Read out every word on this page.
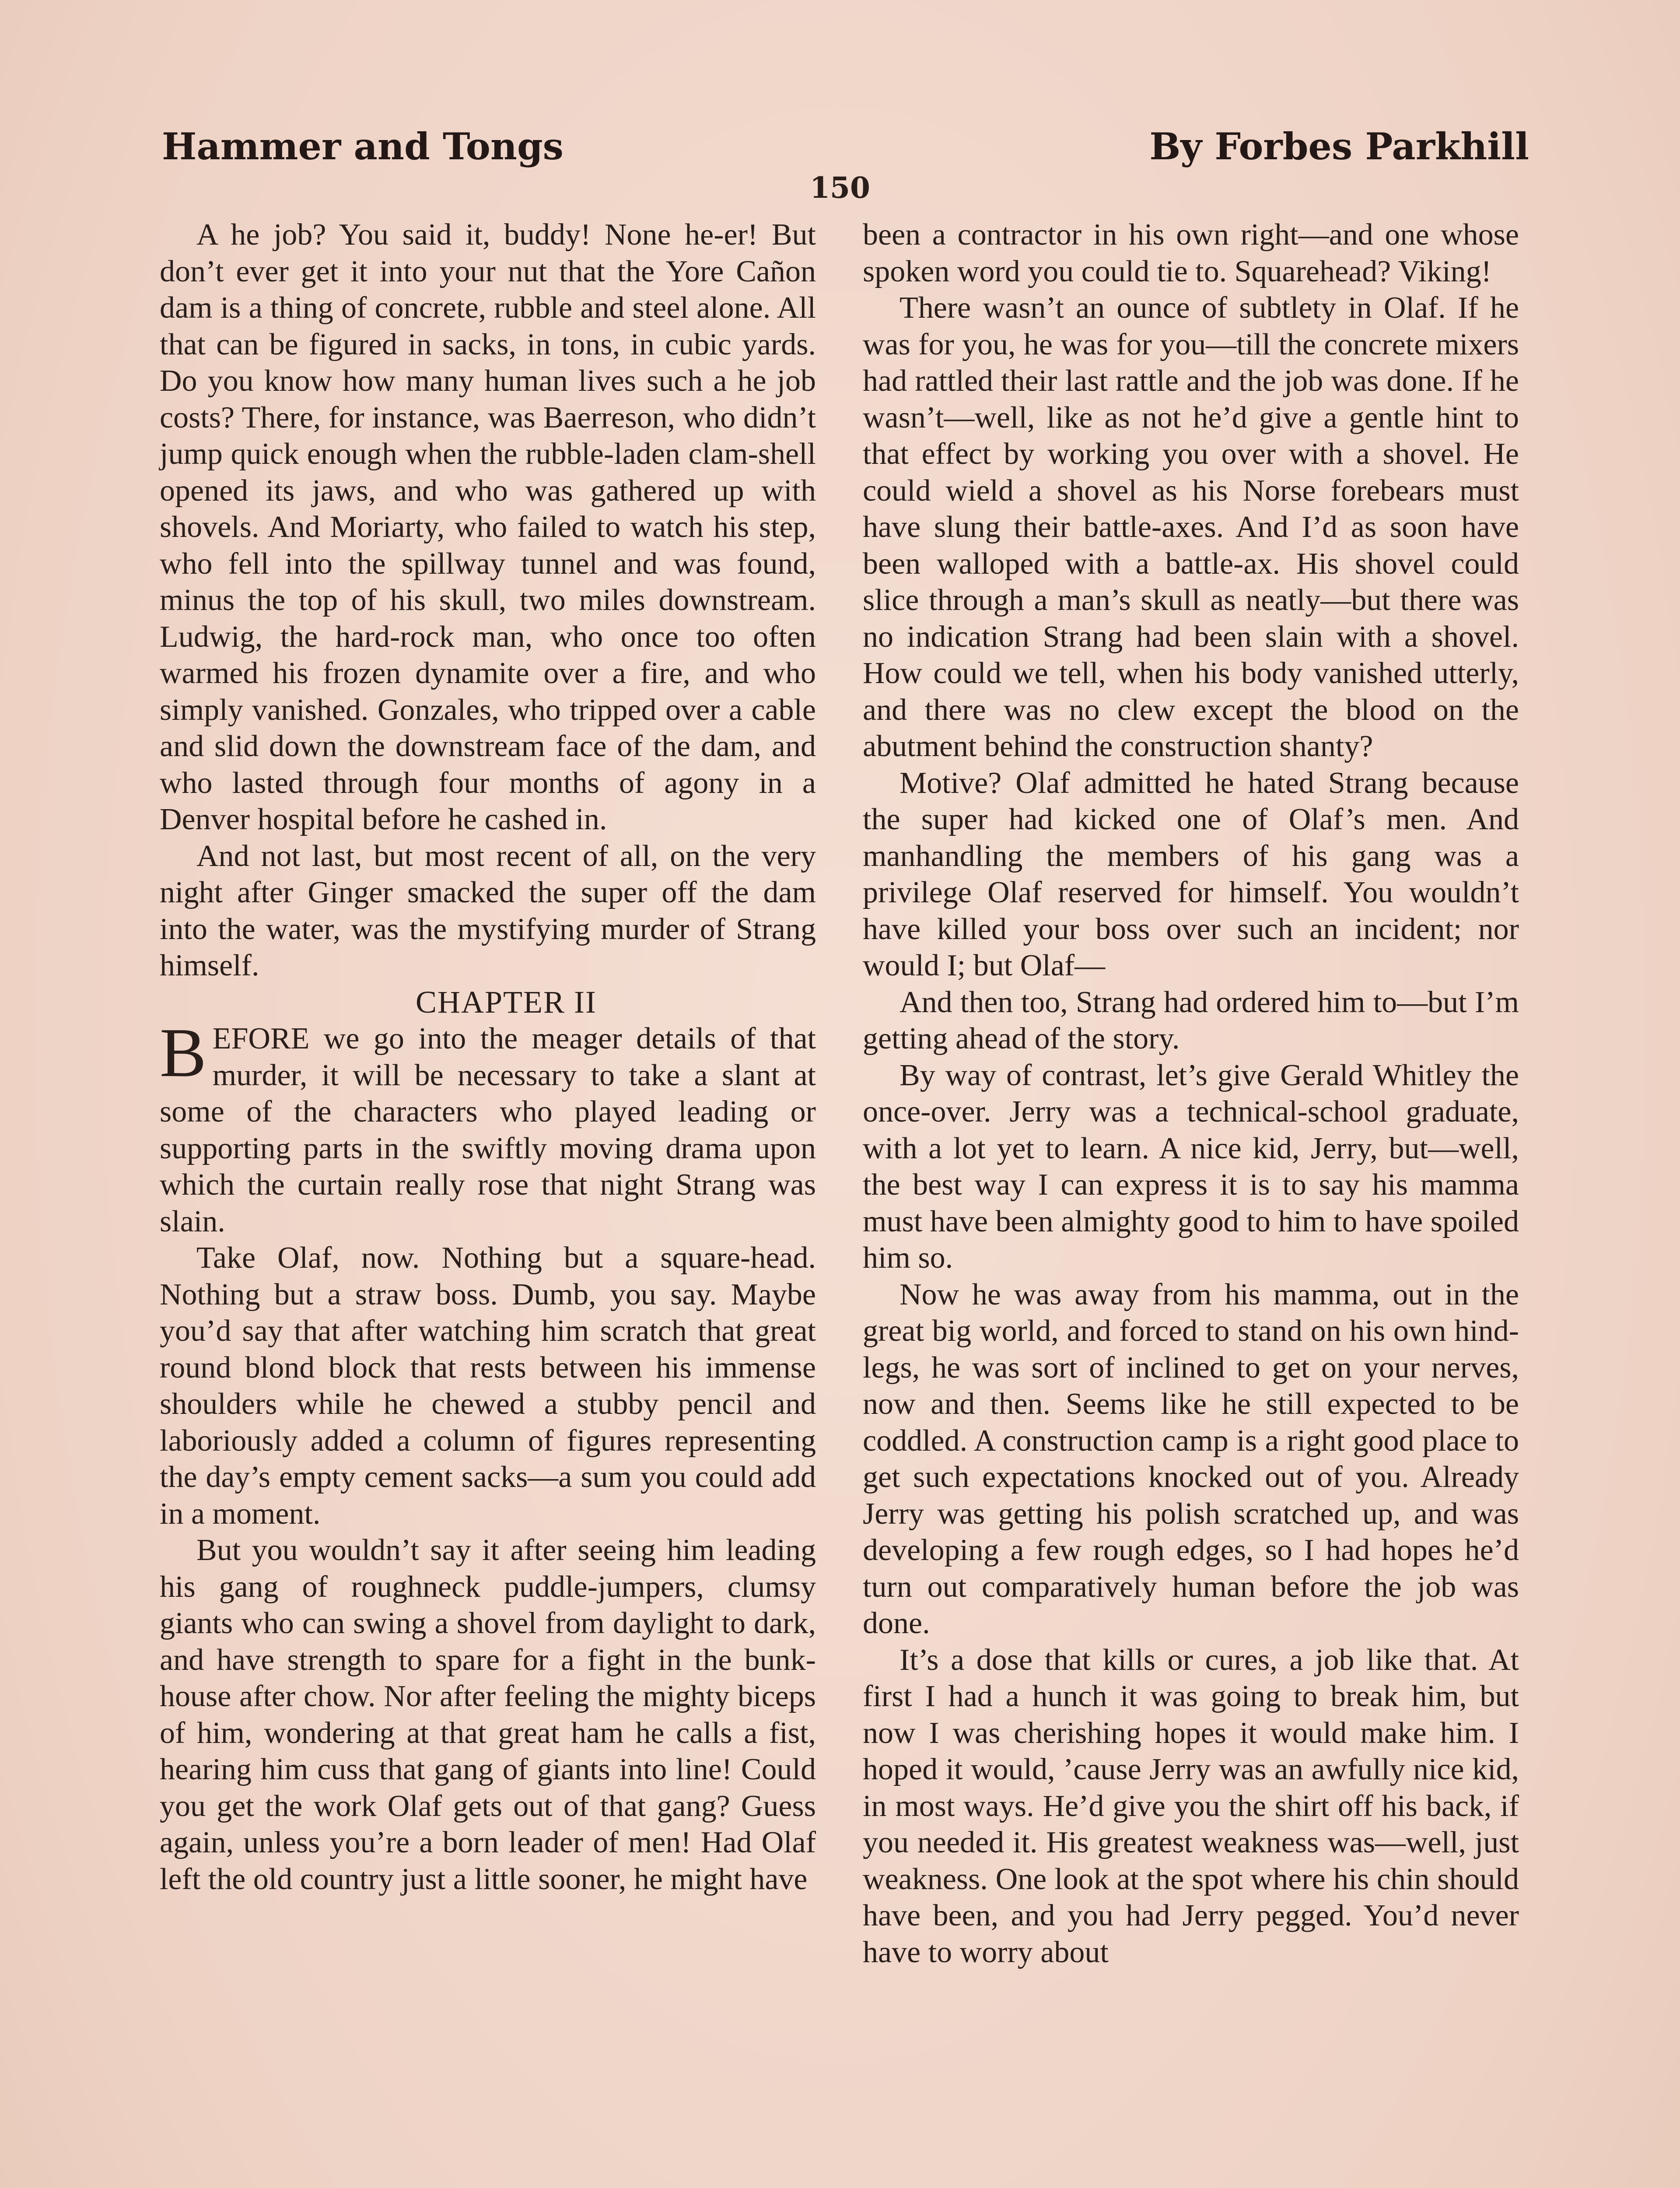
Hammer and Tongs	By Forbes Parkhill
150

A he job? You said it, buddy! None he-er! But don’t ever get it into your nut that the Yore Cañon dam is a thing of concrete, rubble and steel alone. All that can be figured in sacks, in tons, in cubic yards. Do you know how many human lives such a he job costs? There, for instance, was Baerreson, who didn’t jump quick enough when the rubble-laden clam-shell opened its jaws, and who was gathered up with shovels. And Moriarty, who failed to watch his step, who fell into the spillway tunnel and was found, minus the top of his skull, two miles downstream. Ludwig, the hard-rock man, who once too often warmed his frozen dynamite over a fire, and who simply vanished. Gonzales, who tripped over a cable and slid down the downstream face of the dam, and who lasted through four months of agony in a Denver hospital before he cashed in.

And not last, but most recent of all, on the very night after Ginger smacked the super off the dam into the water, was the mystifying murder of Strang himself.

CHAPTER II

BEFORE we go into the meager details of that murder, it will be necessary to take a slant at some of the characters who played leading or supporting parts in the swiftly moving drama upon which the curtain really rose that night Strang was slain.

Take Olaf, now. Nothing but a square-head. Nothing but a straw boss. Dumb, you say. Maybe you’d say that after watching him scratch that great round blond block that rests between his immense shoulders while he chewed a stubby pencil and laboriously added a column of figures representing the day’s empty cement sacks—a sum you could add in a moment.

But you wouldn’t say it after seeing him leading his gang of roughneck puddle-jumpers, clumsy giants who can swing a shovel from daylight to dark, and have strength to spare for a fight in the bunk-house after chow. Nor after feeling the mighty biceps of him, wondering at that great ham he calls a fist, hearing him cuss that gang of giants into line! Could you get the work Olaf gets out of that gang? Guess again, unless you’re a born leader of men! Had Olaf left the old country just a little sooner, he might have

been a contractor in his own right—and one whose spoken word you could tie to. Squarehead? Viking!

There wasn’t an ounce of subtlety in Olaf. If he was for you, he was for you—till the concrete mixers had rattled their last rattle and the job was done. If he wasn’t—well, like as not he’d give a gentle hint to that effect by working you over with a shovel. He could wield a shovel as his Norse forebears must have slung their battle-axes. And I’d as soon have been walloped with a battle-ax. His shovel could slice through a man’s skull as neatly—but there was no indication Strang had been slain with a shovel. How could we tell, when his body vanished utterly, and there was no clew except the blood on the abutment behind the construction shanty?

Motive? Olaf admitted he hated Strang because the super had kicked one of Olaf’s men. And manhandling the members of his gang was a privilege Olaf reserved for himself. You wouldn’t have killed your boss over such an incident; nor would I; but Olaf—

And then too, Strang had ordered him to—but I’m getting ahead of the story.

By way of contrast, let’s give Gerald Whitley the once-over. Jerry was a technical-school graduate, with a lot yet to learn. A nice kid, Jerry, but—well, the best way I can express it is to say his mamma must have been almighty good to him to have spoiled him so.

Now he was away from his mamma, out in the great big world, and forced to stand on his own hind-legs, he was sort of inclined to get on your nerves, now and then. Seems like he still expected to be coddled. A construction camp is a right good place to get such expectations knocked out of you. Already Jerry was getting his polish scratched up, and was developing a few rough edges, so I had hopes he’d turn out comparatively human before the job was done.

It’s a dose that kills or cures, a job like that. At first I had a hunch it was going to break him, but now I was cherishing hopes it would make him. I hoped it would, ’cause Jerry was an awfully nice kid, in most ways. He’d give you the shirt off his back, if you needed it. His greatest weakness was—well, just weakness. One look at the spot where his chin should have been, and you had Jerry pegged. You’d never have to worry about
